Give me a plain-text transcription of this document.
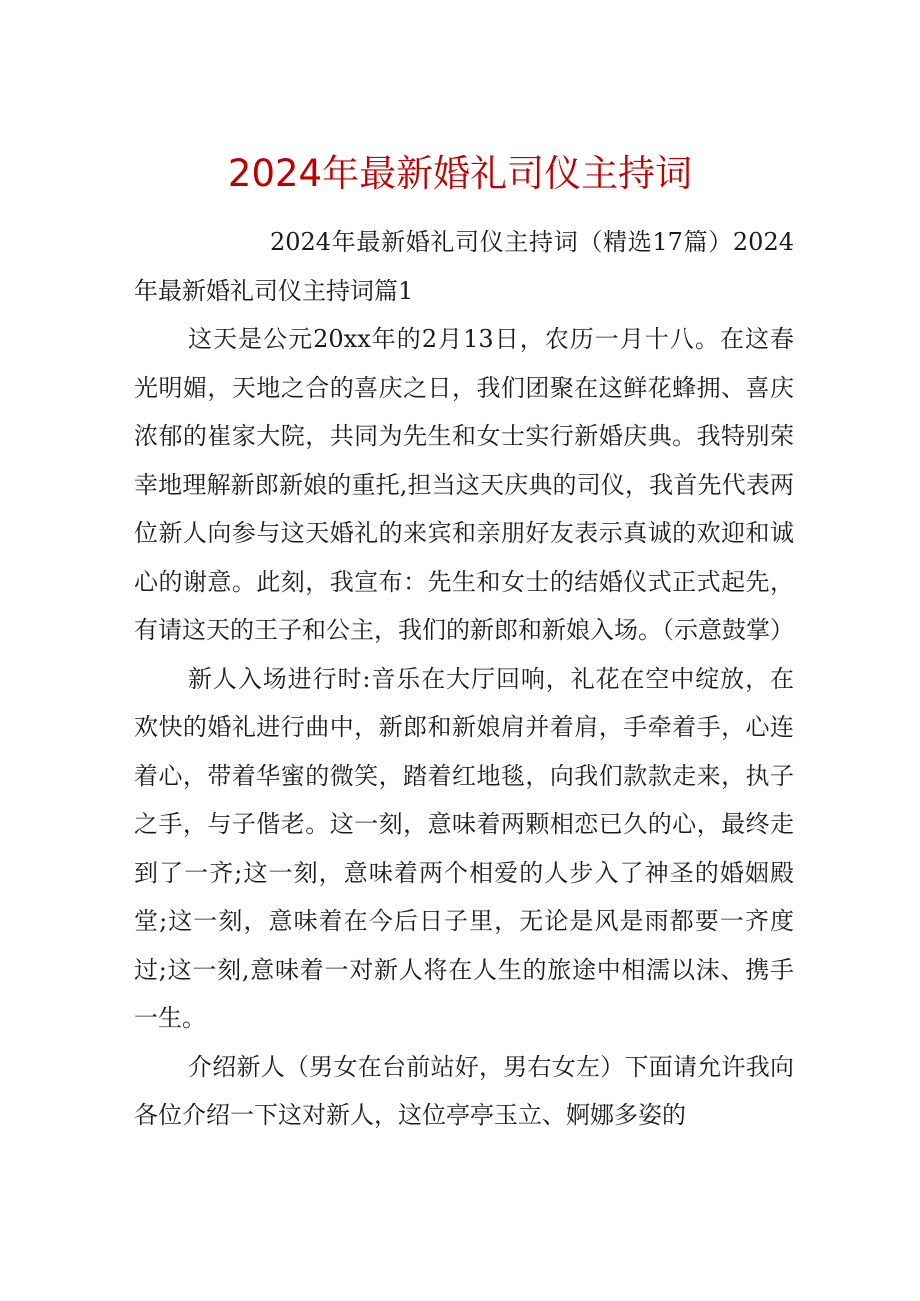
2024年最新婚礼司仪主持词

2024年最新婚礼司仪主持词（精选17篇）2024年最新婚礼司仪主持词篇1

这天是公元20xx年的2月13日，农历一月十八。在这春光明媚，天地之合的喜庆之日，我们团聚在这鲜花蜂拥、喜庆浓郁的崔家大院，共同为先生和女士实行新婚庆典。我特别荣幸地理解新郎新娘的重托,担当这天庆典的司仪，我首先代表两位新人向参与这天婚礼的来宾和亲朋好友表示真诚的欢迎和诚心的谢意。此刻，我宣布：先生和女士的结婚仪式正式起先，有请这天的王子和公主，我们的新郎和新娘入场。（示意鼓掌）

新人入场进行时:音乐在大厅回响，礼花在空中绽放，在欢快的婚礼进行曲中，新郎和新娘肩并着肩，手牵着手，心连着心，带着华蜜的微笑，踏着红地毯，向我们款款走来，执子之手，与子偕老。这一刻，意味着两颗相恋已久的心，最终走到了一齐;这一刻，意味着两个相爱的人步入了神圣的婚姻殿堂;这一刻，意味着在今后日子里，无论是风是雨都要一齐度过;这一刻,意味着一对新人将在人生的旅途中相濡以沫、携手一生。

介绍新人（男女在台前站好，男右女左）下面请允许我向各位介绍一下这对新人，这位亭亭玉立、婀娜多姿的
